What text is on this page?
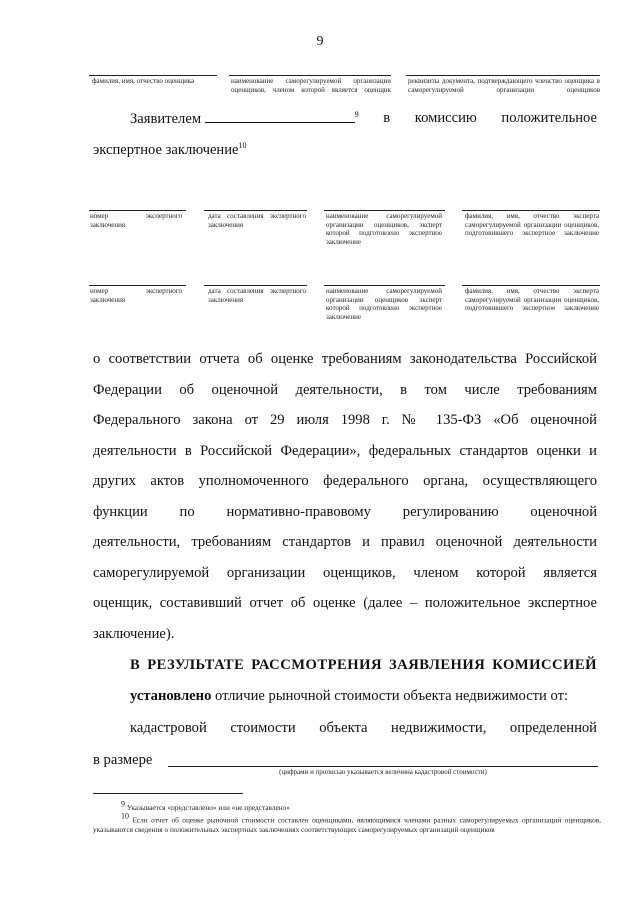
9
фамилия, имя, отчество оценщика	наименование саморегулируемой организации оценщиков, членом которой является оценщик
реквизиты документа, подтверждающего членство оценщика в саморегулируемой организации оценщиков
Заявителем	$^9$ в комиссию положительное
экспертное заключение$^{10}$
номер экспертного заключения
дата составления экспертного заключения
наименование саморегулируемой организации оценщиков, эксперт которой подготовлено экспертное заключение
фамилия, имя, отчество эксперта саморегулируемой организации оценщиков, подготовившего экспертное заключение
номер экспертного заключения
дата составления экспертного заключения
наименование саморегулируемой организации оценщиков эксперт которой подготовлено экспертное заключение
фамилия, имя, отчество эксперта саморегулируемой организации оценщиков, подготовившего экспертное заключение

о соответствии отчета об оценке требованиям законодательства Российской

Федерации об оценочной деятельности, в том числе требованиям

Федерального закона от 29 июля 1998 г. № 135-ФЗ «Об оценочной

деятельности в Российской Федерации», федеральных стандартов оценки и

других актов уполномоченного федерального органа, осуществляющего

функции по нормативно-правовому регулированию оценочной

деятельности, требованиям стандартов и правил оценочной деятельности

саморегулируемой организации оценщиков, членом которой является

оценщик, составивший отчет об оценке (далее – положительное экспертное

заключение).

В РЕЗУЛЬТАТЕ РАССМОТРЕНИЯ ЗАЯВЛЕНИЯ КОМИССИЕЙ
установлено отличие рыночной стоимости объекта недвижимости от:
кадастровой стоимости объекта недвижимости, определенной
в размере
(цифрами и прописью указывается величина кадастровой стоимости)
$^9$ Указывается «представлено» или «не представлено»
$^{10}$ Если отчет об оценке рыночной стоимости составлен оценщиками, являющимися членами разных саморегулируемых организаций оценщиков, указываются сведения о положительных экспертных заключениях соответствующих саморегулируемых организаций оценщиков
